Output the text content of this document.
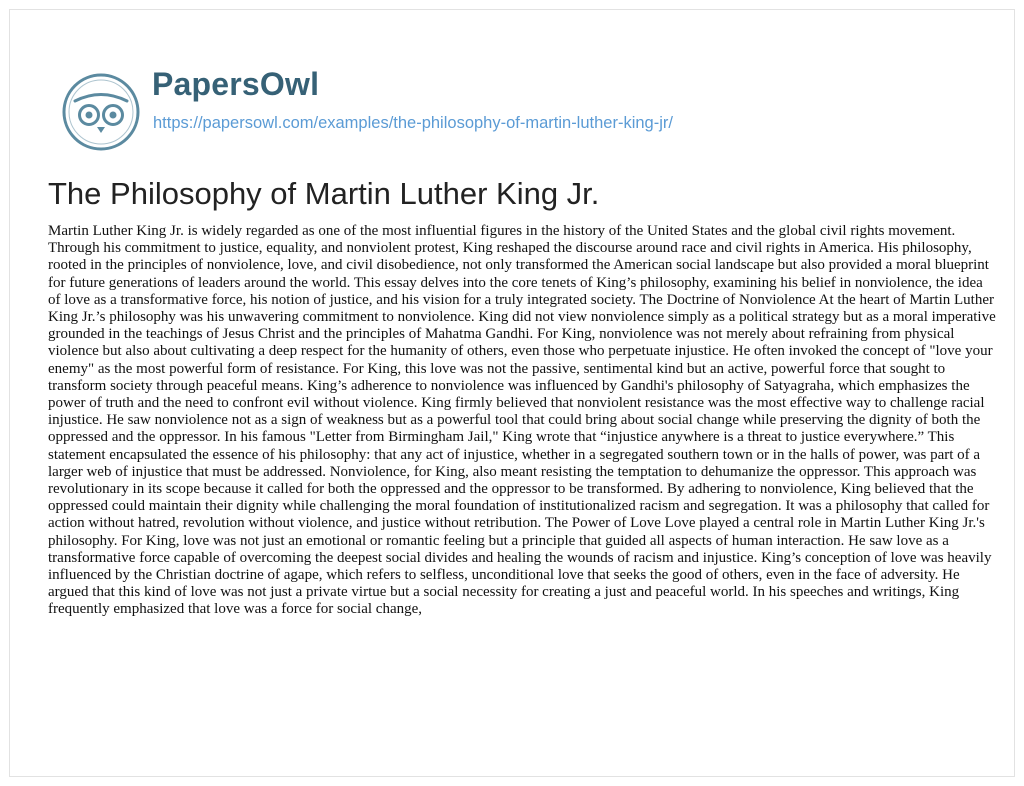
PapersOwl
https://papersowl.com/examples/the-philosophy-of-martin-luther-king-jr/
The Philosophy of Martin Luther King Jr.

Martin Luther King Jr. is widely regarded as one of the most influential figures in the history of the United States and the global civil rights movement. Through his commitment to justice, equality, and nonviolent protest, King reshaped the discourse around race and civil rights in America. His philosophy, rooted in the principles of nonviolence, love, and civil disobedience, not only transformed the American social landscape but also provided a moral blueprint for future generations of leaders around the world. This essay delves into the core tenets of King’s philosophy, examining his belief in nonviolence, the idea of love as a transformative force, his notion of justice, and his vision for a truly integrated society. The Doctrine of Nonviolence At the heart of Martin Luther King Jr.’s philosophy was his unwavering commitment to nonviolence. King did not view nonviolence simply as a political strategy but as a moral imperative grounded in the teachings of Jesus Christ and the principles of Mahatma Gandhi. For King, nonviolence was not merely about refraining from physical violence but also about cultivating a deep respect for the humanity of others, even those who perpetuate injustice. He often invoked the concept of "love your enemy" as the most powerful form of resistance. For King, this love was not the passive, sentimental kind but an active, powerful force that sought to transform society through peaceful means. King’s adherence to nonviolence was influenced by Gandhi's philosophy of Satyagraha, which emphasizes the power of truth and the need to confront evil without violence. King firmly believed that nonviolent resistance was the most effective way to challenge racial injustice. He saw nonviolence not as a sign of weakness but as a powerful tool that could bring about social change while preserving the dignity of both the oppressed and the oppressor. In his famous "Letter from Birmingham Jail," King wrote that “injustice anywhere is a threat to justice everywhere.” This statement encapsulated the essence of his philosophy: that any act of injustice, whether in a segregated southern town or in the halls of power, was part of a larger web of injustice that must be addressed. Nonviolence, for King, also meant resisting the temptation to dehumanize the oppressor. This approach was revolutionary in its scope because it called for both the oppressed and the oppressor to be transformed. By adhering to nonviolence, King believed that the oppressed could maintain their dignity while challenging the moral foundation of institutionalized racism and segregation. It was a philosophy that called for action without hatred, revolution without violence, and justice without retribution. The Power of Love Love played a central role in Martin Luther King Jr.'s philosophy. For King, love was not just an emotional or romantic feeling but a principle that guided all aspects of human interaction. He saw love as a transformative force capable of overcoming the deepest social divides and healing the wounds of racism and injustice. King’s conception of love was heavily influenced by the Christian doctrine of agape, which refers to selfless, unconditional love that seeks the good of others, even in the face of adversity. He argued that this kind of love was not just a private virtue but a social necessity for creating a just and peaceful world. In his speeches and writings, King frequently emphasized that love was a force for social change,
